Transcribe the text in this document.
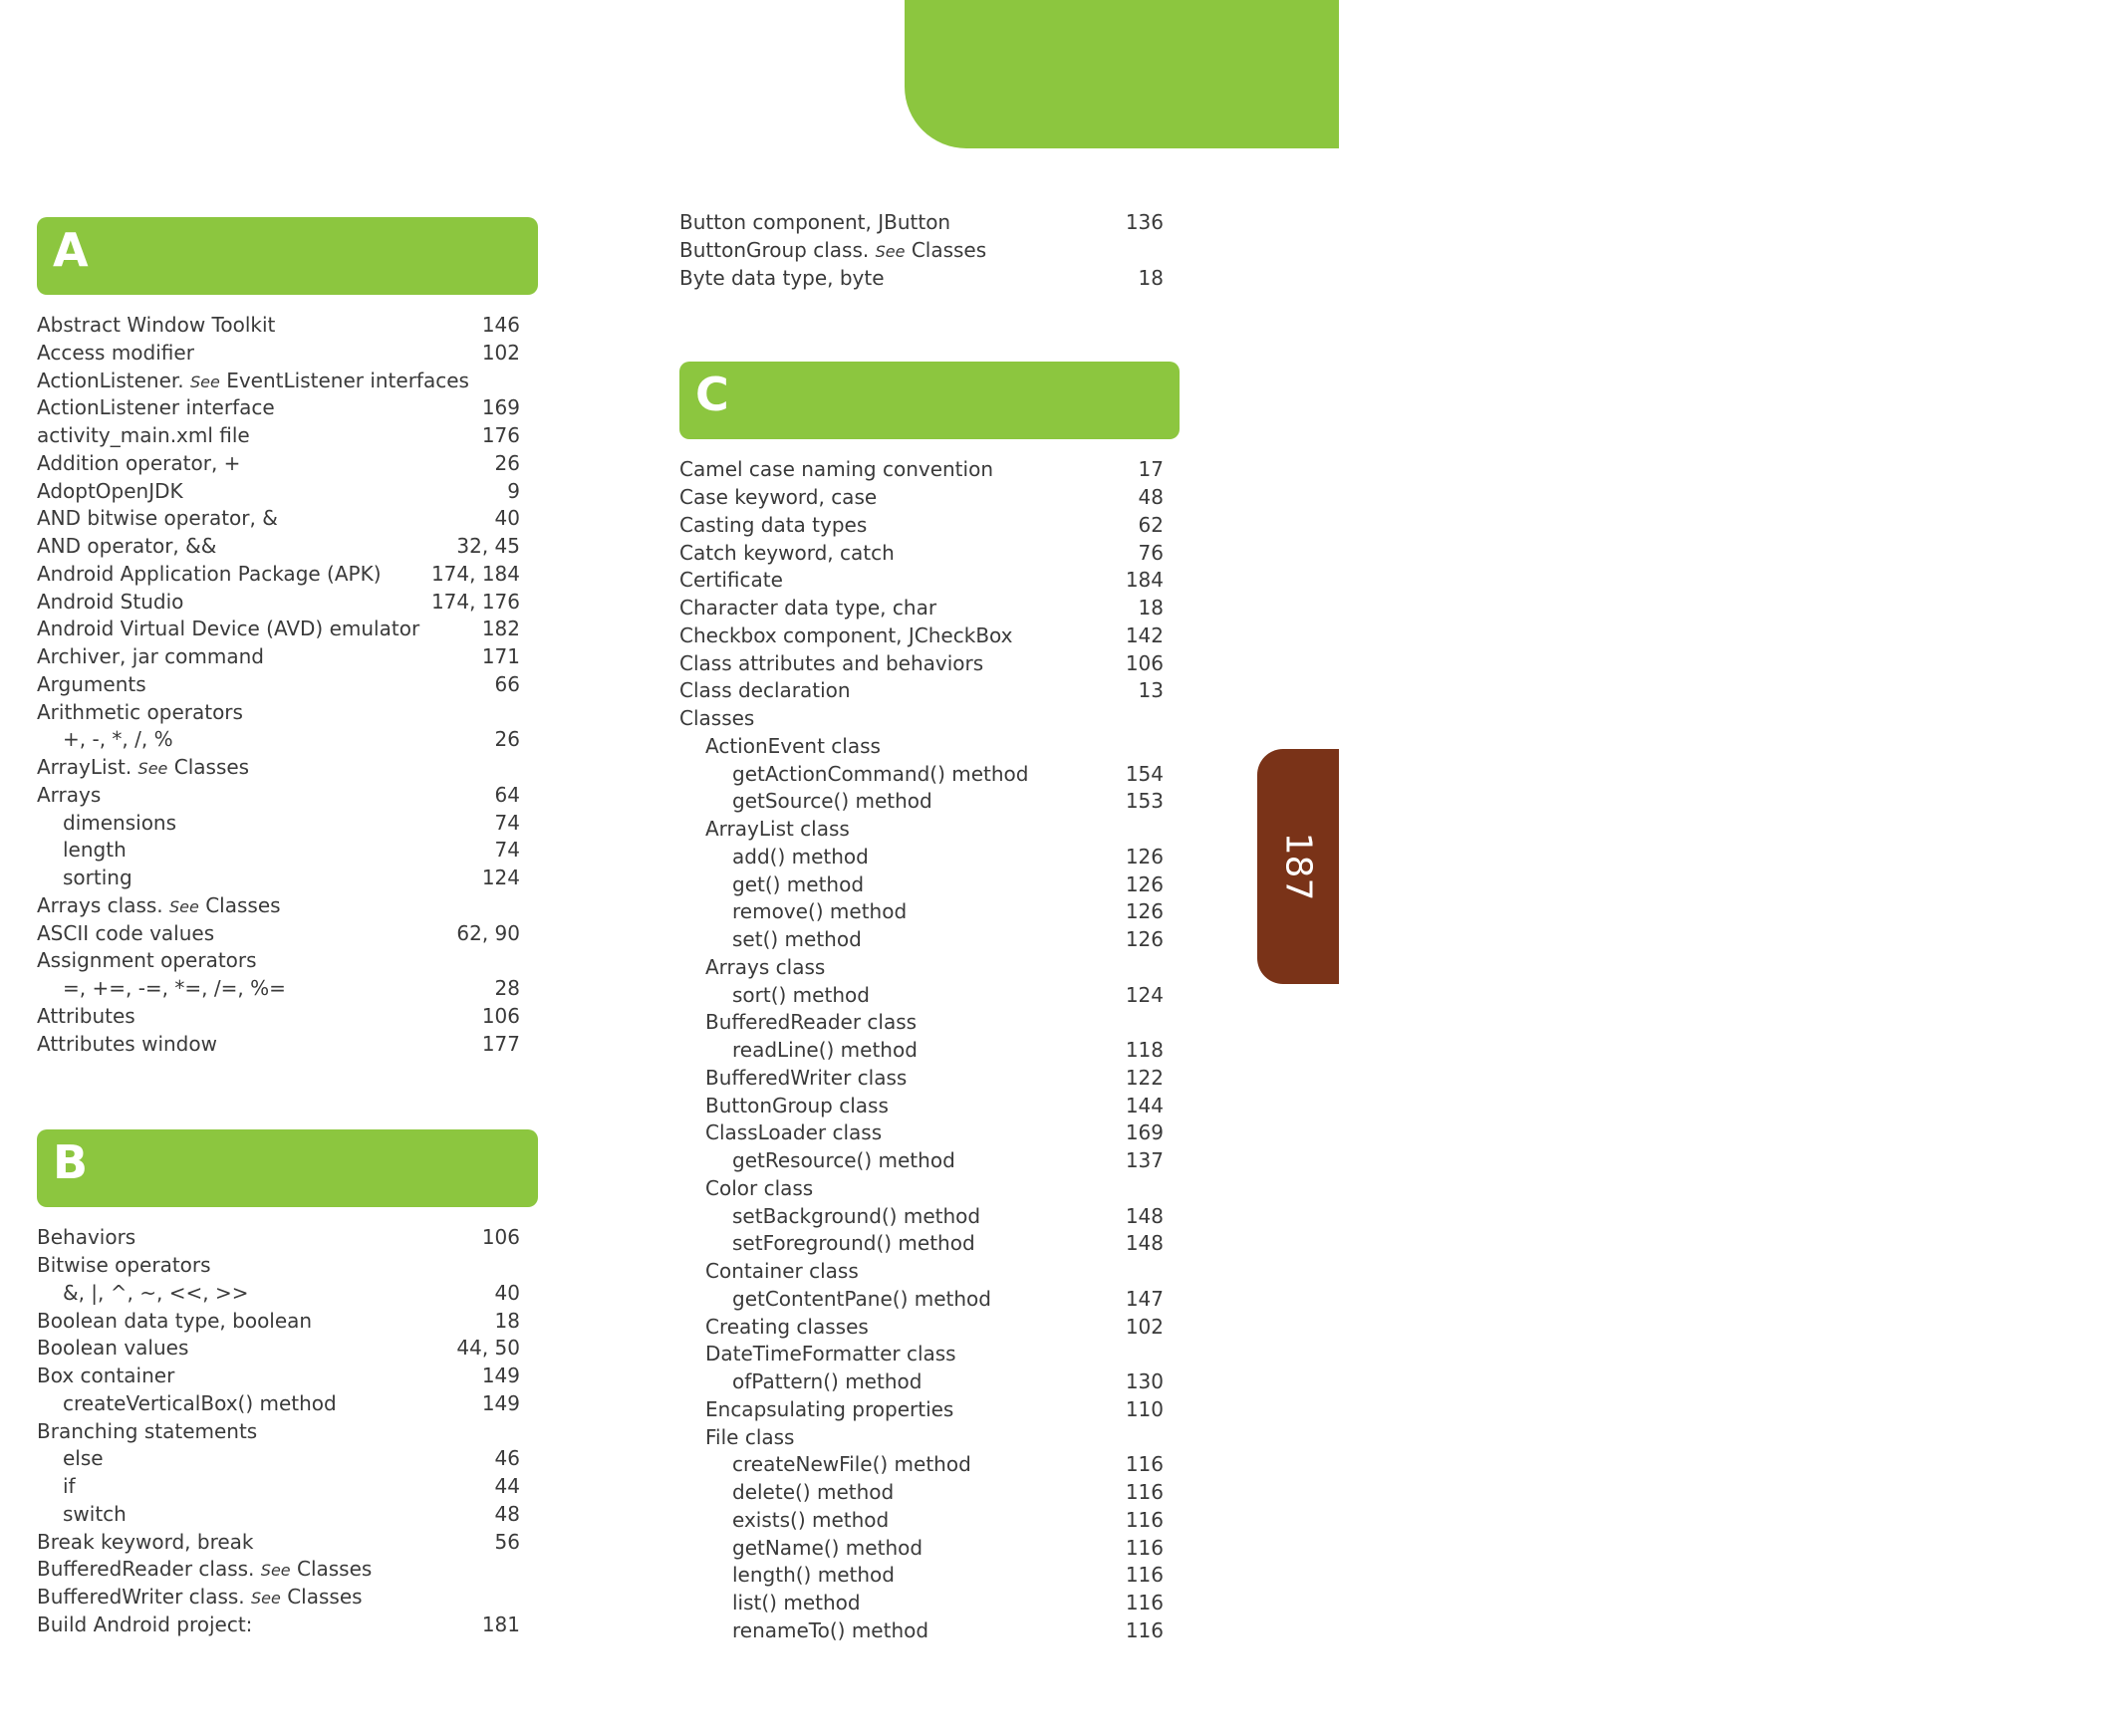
Index
187
A
Abstract Window Toolkit	146
Access modifier	102
ActionListener. See EventListener interfaces
ActionListener interface	169
activity_main.xml file	176
Addition operator, +	26
AdoptOpenJDK	9
AND bitwise operator, &	40
AND operator, &&	32, 45
Android Application Package (APK)	174, 184
Android Studio	174, 176
Android Virtual Device (AVD) emulator	182
Archiver, jar command	171
Arguments	66
Arithmetic operators
+, -, *, /, %	26
ArrayList. See Classes
Arrays	64
dimensions	74
length	74
sorting	124
Arrays class. See Classes
ASCII code values	62, 90
Assignment operators
=, +=, -=, *=, /=, %=	28
Attributes	106
Attributes window	177
B
Behaviors	106
Bitwise operators
&, |, ^, ~, <<, >>	40
Boolean data type, boolean	18
Boolean values	44, 50
Box container	149
createVerticalBox() method	149
Branching statements
else	46
if	44
switch	48
Break keyword, break	56
BufferedReader class. See Classes
BufferedWriter class. See Classes
Build Android project:	181
Button component, JButton	136
ButtonGroup class. See Classes
Byte data type, byte	18
C
Camel case naming convention	17
Case keyword, case	48
Casting data types	62
Catch keyword, catch	76
Certificate	184
Character data type, char	18
Checkbox component, JCheckBox	142
Class attributes and behaviors	106
Class declaration	13
Classes
ActionEvent class
getActionCommand() method	154
getSource() method	153
ArrayList class
add() method	126
get() method	126
remove() method	126
set() method	126
Arrays class
sort() method	124
BufferedReader class
readLine() method	118
BufferedWriter class	122
ButtonGroup class	144
ClassLoader class	169
getResource() method	137
Color class
setBackground() method	148
setForeground() method	148
Container class
getContentPane() method	147
Creating classes	102
DateTimeFormatter class
ofPattern() method	130
Encapsulating properties	110
File class
createNewFile() method	116
delete() method	116
exists() method	116
getName() method	116
length() method	116
list() method	116
renameTo() method	116
